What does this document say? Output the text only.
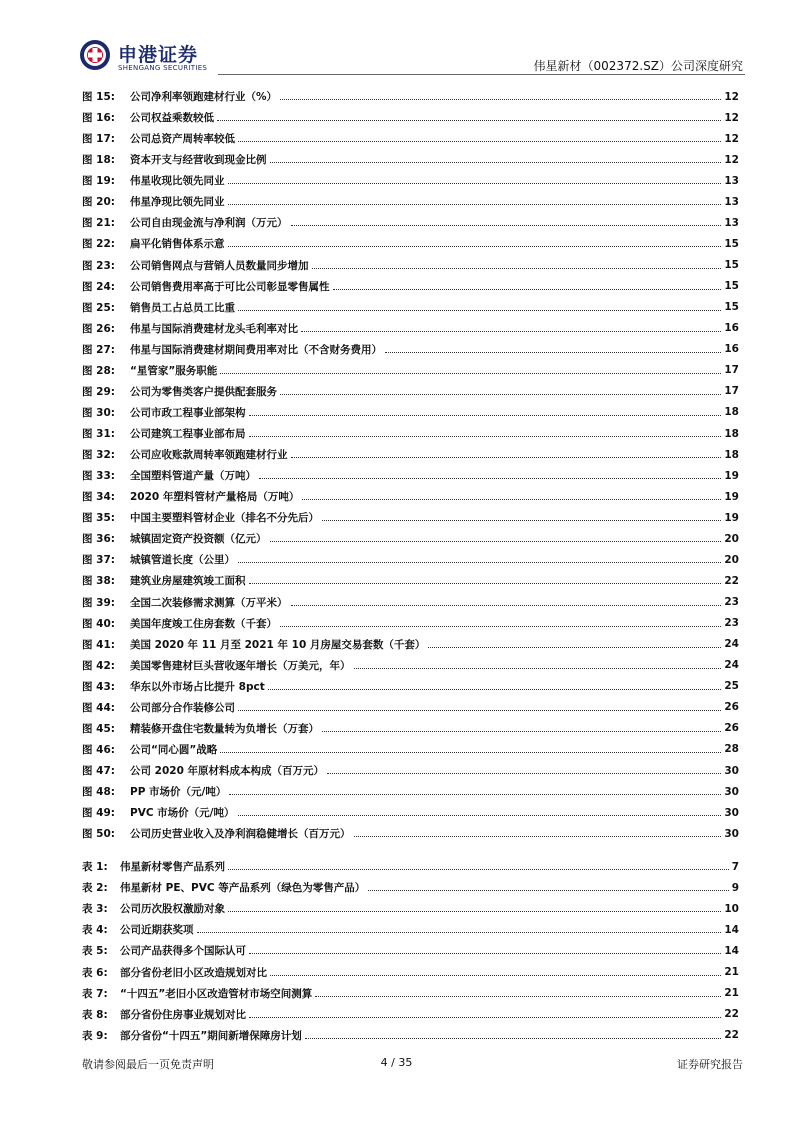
申港证券
SHENGANG SECURITIES	伟星新材（002372.SZ）公司深度研究
图 15:	公司净利率领跑建材行业（%）	12
图 16:	公司权益乘数较低	12
图 17:	公司总资产周转率较低	12
图 18:	资本开支与经营收到现金比例	12
图 19:	伟星收现比领先同业	13
图 20:	伟星净现比领先同业	13
图 21:	公司自由现金流与净利润（万元）	13
图 22:	扁平化销售体系示意	15
图 23:	公司销售网点与营销人员数量同步增加	15
图 24:	公司销售费用率高于可比公司彰显零售属性	15
图 25:	销售员工占总员工比重	15
图 26:	伟星与国际消费建材龙头毛利率对比	16
图 27:	伟星与国际消费建材期间费用率对比（不含财务费用）	16
图 28:	“星管家”服务职能	17
图 29:	公司为零售类客户提供配套服务	17
图 30:	公司市政工程事业部架构	18
图 31:	公司建筑工程事业部布局	18
图 32:	公司应收账款周转率领跑建材行业	18
图 33:	全国塑料管道产量（万吨）	19
图 34:	2020 年塑料管材产量格局（万吨）	19
图 35:	中国主要塑料管材企业（排名不分先后）	19
图 36:	城镇固定资产投资额（亿元）	20
图 37:	城镇管道长度（公里）	20
图 38:	建筑业房屋建筑竣工面积	22
图 39:	全国二次装修需求测算（万平米）	23
图 40:	美国年度竣工住房套数（千套）	23
图 41:	美国 2020 年 11 月至 2021 年 10 月房屋交易套数（千套）	24
图 42:	美国零售建材巨头营收逐年增长（万美元，年）	24
图 43:	华东以外市场占比提升 8pct	25
图 44:	公司部分合作装修公司	26
图 45:	精装修开盘住宅数量转为负增长（万套）	26
图 46:	公司“同心圆”战略	28
图 47:	公司 2020 年原材料成本构成（百万元）	30
图 48:	PP 市场价（元/吨）	30
图 49:	PVC 市场价（元/吨）	30
图 50:	公司历史营业收入及净利润稳健增长（百万元）	30
表 1:	伟星新材零售产品系列	7
表 2:	伟星新材 PE、PVC 等产品系列（绿色为零售产品）	9
表 3:	公司历次股权激励对象	10
表 4:	公司近期获奖项	14
表 5:	公司产品获得多个国际认可	14
表 6:	部分省份老旧小区改造规划对比	21
表 7:	“十四五”老旧小区改造管材市场空间测算	21
表 8:	部分省份住房事业规划对比	22
表 9:	部分省份“十四五”期间新增保障房计划	22
敬请参阅最后一页免责声明	4 / 35	证券研究报告
